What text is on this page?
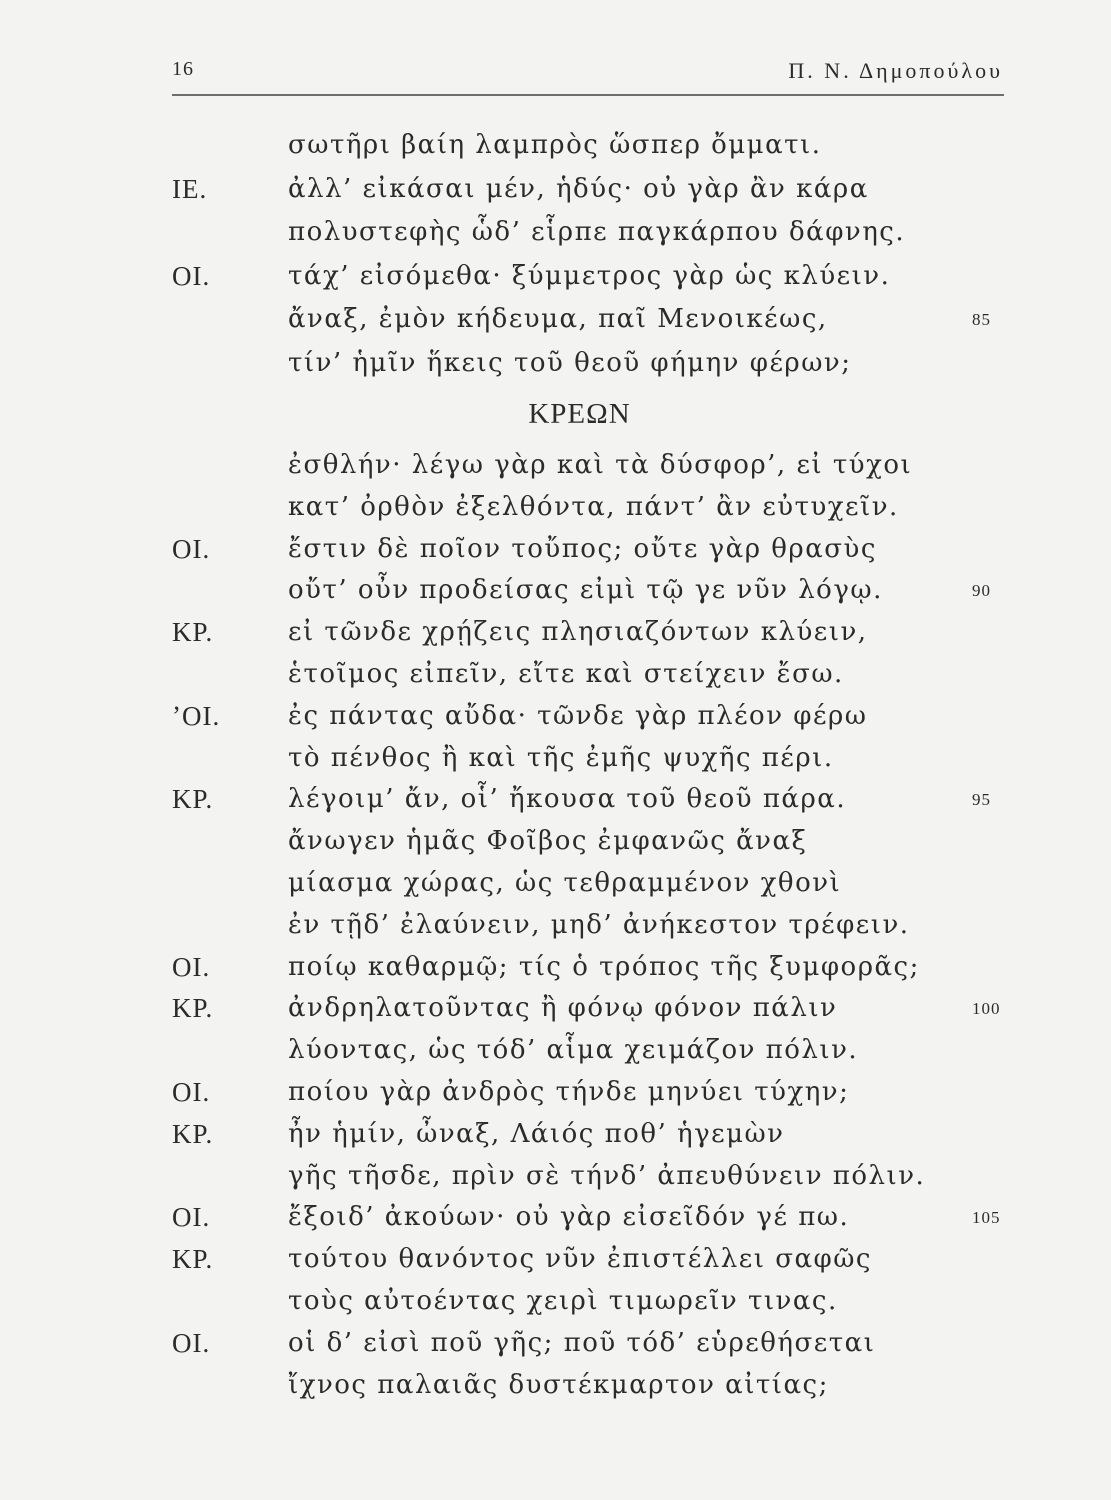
16	Π. Ν. Δημοπούλου
σωτῆρι βαίη λαμπρὸς ὥσπερ ὄμματι.
ΙΕ.	ἀλλ’ εἰκάσαι μέν, ἡδύς· οὐ γὰρ ἂν κάρα
πολυστεφὴς ὧδ’ εἷρπε παγκάρπου δάφνης.
ΟΙ.	τάχ’ εἰσόμεθα· ξύμμετρος γὰρ ὡς κλύειν.
ἄναξ, ἐμὸν κήδευμα, παῖ Μενοικέως,	85
τίν’ ἡμῖν ἥκεις τοῦ θεοῦ φήμην φέρων;
ΚΡΕΩΝ
ἐσθλήν· λέγω γὰρ καὶ τὰ δύσφορ’, εἰ τύχοι
κατ’ ὀρθὸν ἐξελθόντα, πάντ’ ἂν εὐτυχεῖν.
ΟΙ.	ἔστιν δὲ ποῖον τοὔπος; οὔτε γὰρ θρασὺς
οὔτ’ οὖν προδείσας εἰμὶ τῷ γε νῦν λόγῳ.	90
ΚΡ.	εἰ τῶνδε χρῄζεις πλησιαζόντων κλύειν,
ἑτοῖμος εἰπεῖν, εἴτε καὶ στείχειν ἔσω.
ʼΟΙ.	ἐς πάντας αὔδα· τῶνδε γὰρ πλέον φέρω
τὸ πένθος ἢ καὶ τῆς ἐμῆς ψυχῆς πέρι.
ΚΡ.	λέγοιμ’ ἄν, οἷ’ ἤκουσα τοῦ θεοῦ πάρα.	95
ἄνωγεν ἡμᾶς Φοῖβος ἐμφανῶς ἄναξ
μίασμα χώρας, ὡς τεθραμμένον χθονὶ
ἐν τῇδ’ ἐλαύνειν, μηδ’ ἀνήκεστον τρέφειν.
ΟΙ.	ποίῳ καθαρμῷ; τίς ὁ τρόπος τῆς ξυμφορᾶς;
ΚΡ.	ἀνδρηλατοῦντας ἢ φόνῳ φόνον πάλιν	100
λύοντας, ὡς τόδ’ αἷμα χειμάζον πόλιν.
ΟΙ.	ποίου γὰρ ἀνδρὸς τήνδε μηνύει τύχην;
ΚΡ.	ἦν ἡμίν, ὦναξ, Λάιός ποθ’ ἡγεμὼν
γῆς τῆσδε, πρὶν σὲ τήνδ’ ἀπευθύνειν πόλιν.
ΟΙ.	ἔξοιδ’ ἀκούων· οὐ γὰρ εἰσεῖδόν γέ πω.	105
ΚΡ.	τούτου θανόντος νῦν ἐπιστέλλει σαφῶς
τοὺς αὐτοέντας χειρὶ τιμωρεῖν τινας.
ΟΙ.	οἱ δ’ εἰσὶ ποῦ γῆς; ποῦ τόδ’ εὑρεθήσεται
ἴχνος παλαιᾶς δυστέκμαρτον αἰτίας;
